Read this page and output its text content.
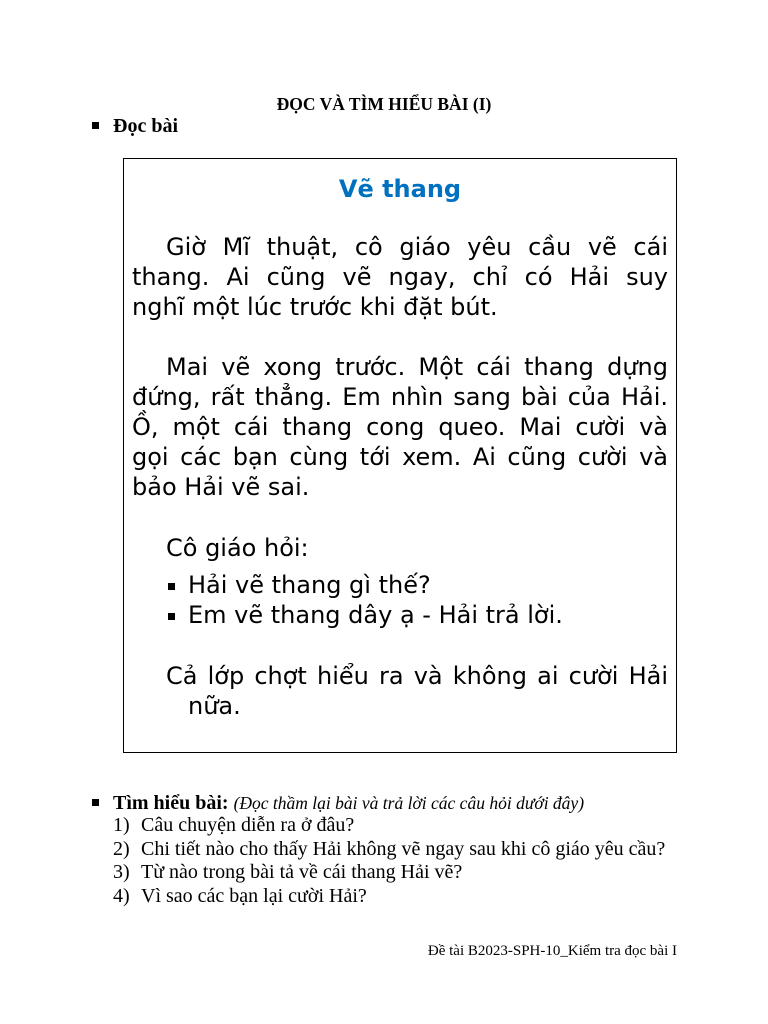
ĐỌC VÀ TÌM HIỂU BÀI (I)
Đọc bài
Vẽ thang
Giờ Mĩ thuật, cô giáo yêu cầu vẽ cái
thang. Ai cũng vẽ ngay, chỉ có Hải suy
nghĩ một lúc trước khi đặt bút.
Mai vẽ xong trước. Một cái thang dựng
đứng, rất thẳng. Em nhìn sang bài của Hải.
Ồ, một cái thang cong queo. Mai cười và
gọi các bạn cùng tới xem. Ai cũng cười và
bảo Hải vẽ sai.
Cô giáo hỏi:
Hải vẽ thang gì thế?
Em vẽ thang dây ạ - Hải trả lời.
Cả lớp chợt hiểu ra và không ai cười Hải
nữa.
Tìm hiểu bài: (Đọc thầm lại bài và trả lời các câu hỏi dưới đây)
1) Câu chuyện diễn ra ở đâu?
2) Chi tiết nào cho thấy Hải không vẽ ngay sau khi cô giáo yêu cầu?
3) Từ nào trong bài tả về cái thang Hải vẽ?
4) Vì sao các bạn lại cười Hải?
Đề tài B2023-SPH-10_Kiểm tra đọc bài I
